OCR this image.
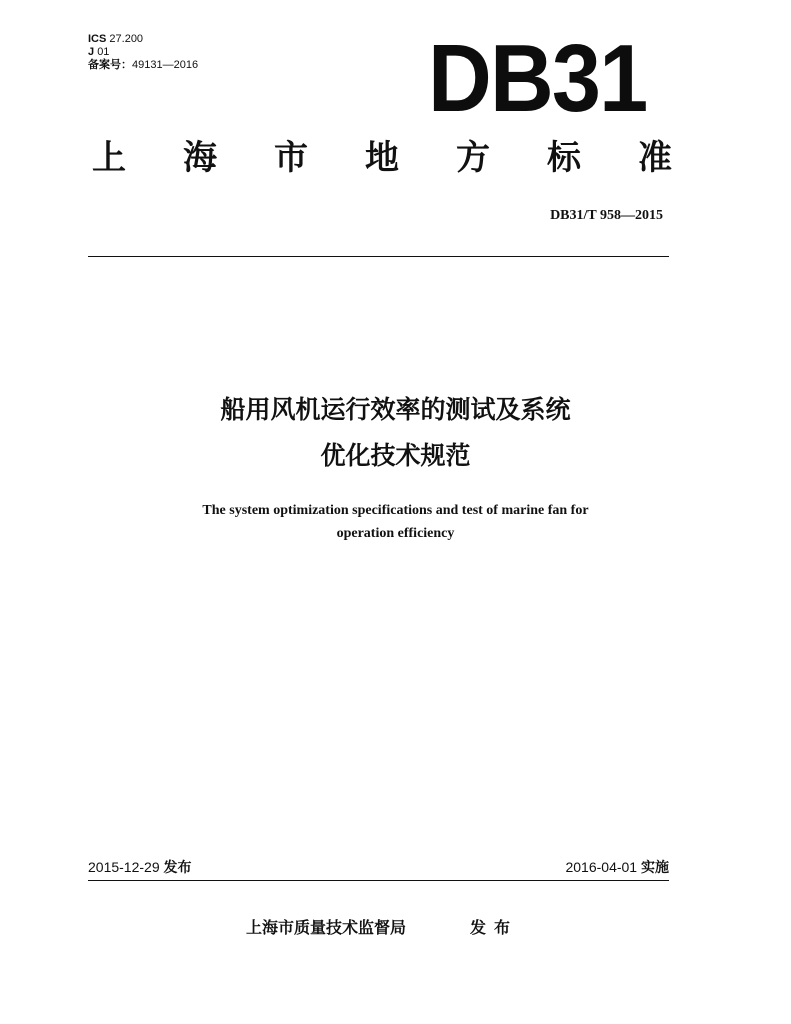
ICS 27.200
J 01
备案号：49131—2016 DB31
上 海 市 地 方 标 准
DB31/T 958—2015
船用风机运行效率的测试及系统
优化技术规范
The system optimization specifications and test of marine fan for
operation efficiency
2015-12-29 发布	2016-04-01 实施
上海市质量技术监督局	发布
